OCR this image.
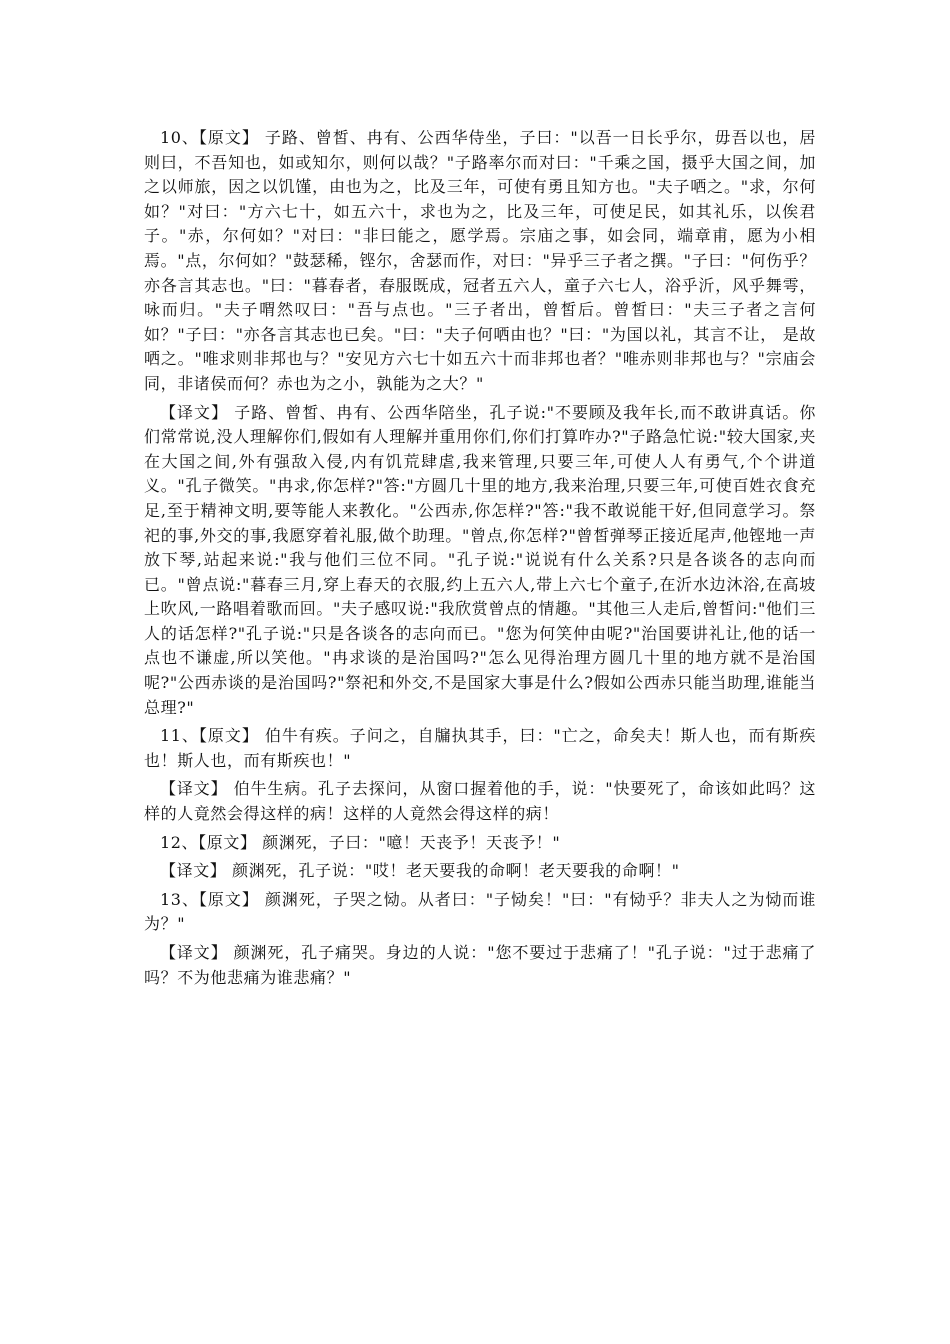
10、【原文】 子路、曾皙、冉有、公西华侍坐，子曰："以吾一日长乎尔，毋吾以也，居则曰，不吾知也，如或知尔，则何以哉？"子路率尔而对曰："千乘之国，摄乎大国之间，加之以师旅，因之以饥馑，由也为之，比及三年，可使有勇且知方也。"夫子哂之。"求，尔何如？"对曰："方六七十，如五六十，求也为之，比及三年，可使足民，如其礼乐，以俟君子。"赤，尔何如？"对曰："非曰能之，愿学焉。宗庙之事，如会同，端章甫，愿为小相焉。"点，尔何如？"鼓瑟稀，铿尔，舍瑟而作，对曰："异乎三子者之撰。"子曰："何伤乎？亦各言其志也。"曰："暮春者，春服既成，冠者五六人，童子六七人，浴乎沂，风乎舞雩，咏而归。"夫子喟然叹曰："吾与点也。"三子者出，曾皙后。曾皙曰："夫三子者之言何如？"子曰："亦各言其志也已矣。"曰："夫子何哂由也？"曰："为国以礼，其言不让， 是故哂之。"唯求则非邦也与？"安见方六七十如五六十而非邦也者？"唯赤则非邦也与？"宗庙会同，非诸侯而何？赤也为之小，孰能为之大？"

【译文】 子路、曾皙、冉有、公西华陪坐，孔子说:"不要顾及我年长,而不敢讲真话。你们常常说,没人理解你们,假如有人理解并重用你们,你们打算咋办?"子路急忙说:"较大国家,夹在大国之间,外有强敌入侵,内有饥荒肆虐,我来管理,只要三年,可使人人有勇气,个个讲道义。"孔子微笑。"冉求,你怎样?"答:"方圆几十里的地方,我来治理,只要三年,可使百姓衣食充足,至于精神文明,要等能人来教化。"公西赤,你怎样?"答:"我不敢说能干好,但同意学习。祭祀的事,外交的事,我愿穿着礼服,做个助理。"曾点,你怎样?"曾皙弹琴正接近尾声,他铿地一声放下琴,站起来说:"我与他们三位不同。"孔子说:"说说有什么关系?只是各谈各的志向而已。"曾点说:"暮春三月,穿上春天的衣服,约上五六人,带上六七个童子,在沂水边沐浴,在高坡上吹风,一路唱着歌而回。"夫子感叹说:"我欣赏曾点的情趣。"其他三人走后,曾皙问:"他们三人的话怎样?"孔子说:"只是各谈各的志向而已。"您为何笑仲由呢?"治国要讲礼让,他的话一点也不谦虚,所以笑他。"冉求谈的是治国吗?"怎么见得治理方圆几十里的地方就不是治国呢?"公西赤谈的是治国吗?"祭祀和外交,不是国家大事是什么?假如公西赤只能当助理,谁能当总理?"

11、【原文】 伯牛有疾。子问之，自牖执其手，曰："亡之，命矣夫！斯人也，而有斯疾也！斯人也，而有斯疾也！"

【译文】 伯牛生病。孔子去探问，从窗口握着他的手，说："快要死了，命该如此吗？这样的人竟然会得这样的病！这样的人竟然会得这样的病！

12、【原文】 颜渊死，子曰："噫！天丧予！天丧予！"

【译文】 颜渊死，孔子说："哎！老天要我的命啊！老天要我的命啊！"

13、【原文】 颜渊死，子哭之恸。从者曰："子恸矣！"曰："有恸乎？非夫人之为恸而谁为？"

【译文】 颜渊死，孔子痛哭。身边的人说："您不要过于悲痛了！"孔子说："过于悲痛了吗？不为他悲痛为谁悲痛？"
